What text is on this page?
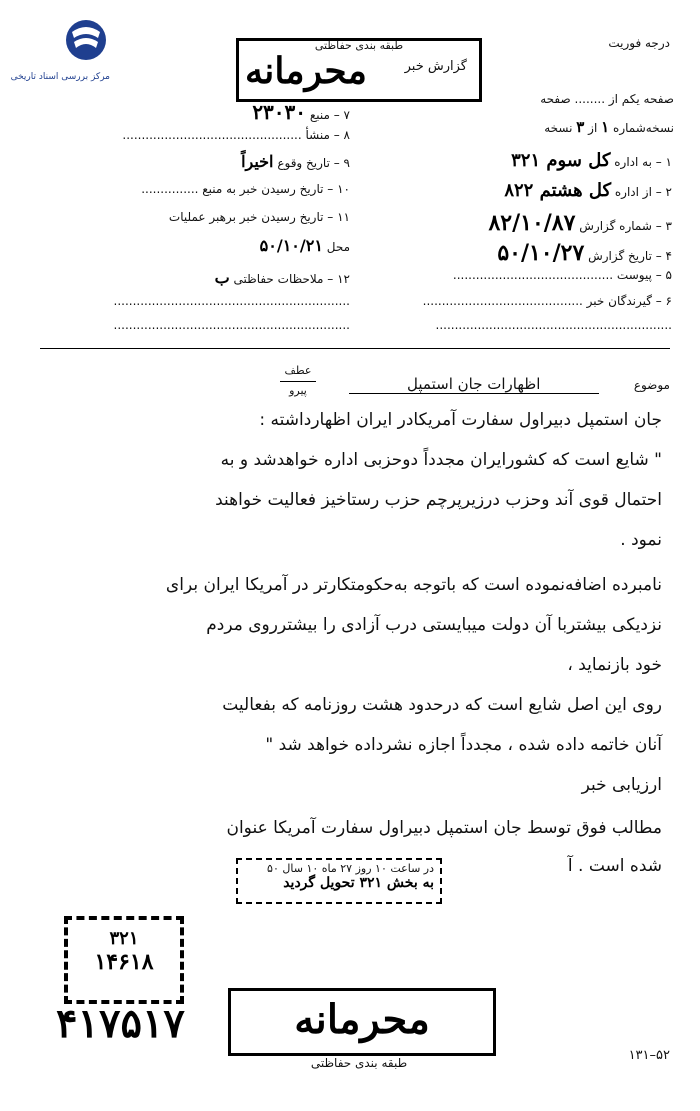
مرکز بررسی اسناد تاریخی
درجه فوریت
طبقه بندی حفاظتی
محرمانه	گزارش خبر
صفحه یکم از ........ صفحه
نسخه‌شماره ۱ از ۳ نسخه
۱ – به اداره کل سوم ۳۲۱
۲ – از اداره کل هشتم ۸۲۲
۳ – شماره گزارش ۸۲/۱۰/۸۷
۴ – تاریخ گزارش ۵۰/۱۰/۲۷
۵ – پیوست ..........................................
۶ – گیرندگان خبر ..........................................
..............................................................
۷ – منبع ۲۳۰۳۰
۸ – منشأ ...............................................
۹ – تاریخ وقوع اخیراً
۱۰ – تاریخ رسیدن خبر به منبع ...............
۱۱ – تاریخ رسیدن خبر برهبر عملیات
محل ۵۰/۱۰/۲۱
۱۲ – ملاحظات حفاظتی ب
..............................................................
..............................................................
عطف
پیرو	موضوع اظهارات جان استمپل
جان استمپل دبیراول سفارت آمریکادر ایران اظهارداشته :
" شایع است که کشورایران مجدداً دوحزبی اداره خواهدشد و به
احتمال قوی آند وحزب درزیرپرچم حزب رستاخیز فعالیت خواهند
نمود .
نامبرده اضافه‌نموده است که باتوجه به‌حکومتکارتر در آمریکا ایران برای
نزدیکی بیشتربا آن دولت میبایستی درب آزادی را بیشترروی مردم
خود بازنماید ،
روی این اصل شایع است که درحدود هشت روزنامه که بفعالیت
آنان خاتمه داده شده ،‌ مجدداً اجازه نشرداده خواهد شد "
ارزیابی خبر
مطالب فوق توسط جان استمپل دبیراول سفارت آمریکا عنوان
شده است . آ
در ساعت ۱۰ روز ۲۷ ماه ۱۰ سال ۵۰
به بخش ۳۲۱ تحویل گردید
۳۲۱
۱۴۶۱۸
۴۱۷۵۱۷	محرمانه
طبقه بندی حفاظتی	۱۳۱–۵۲
